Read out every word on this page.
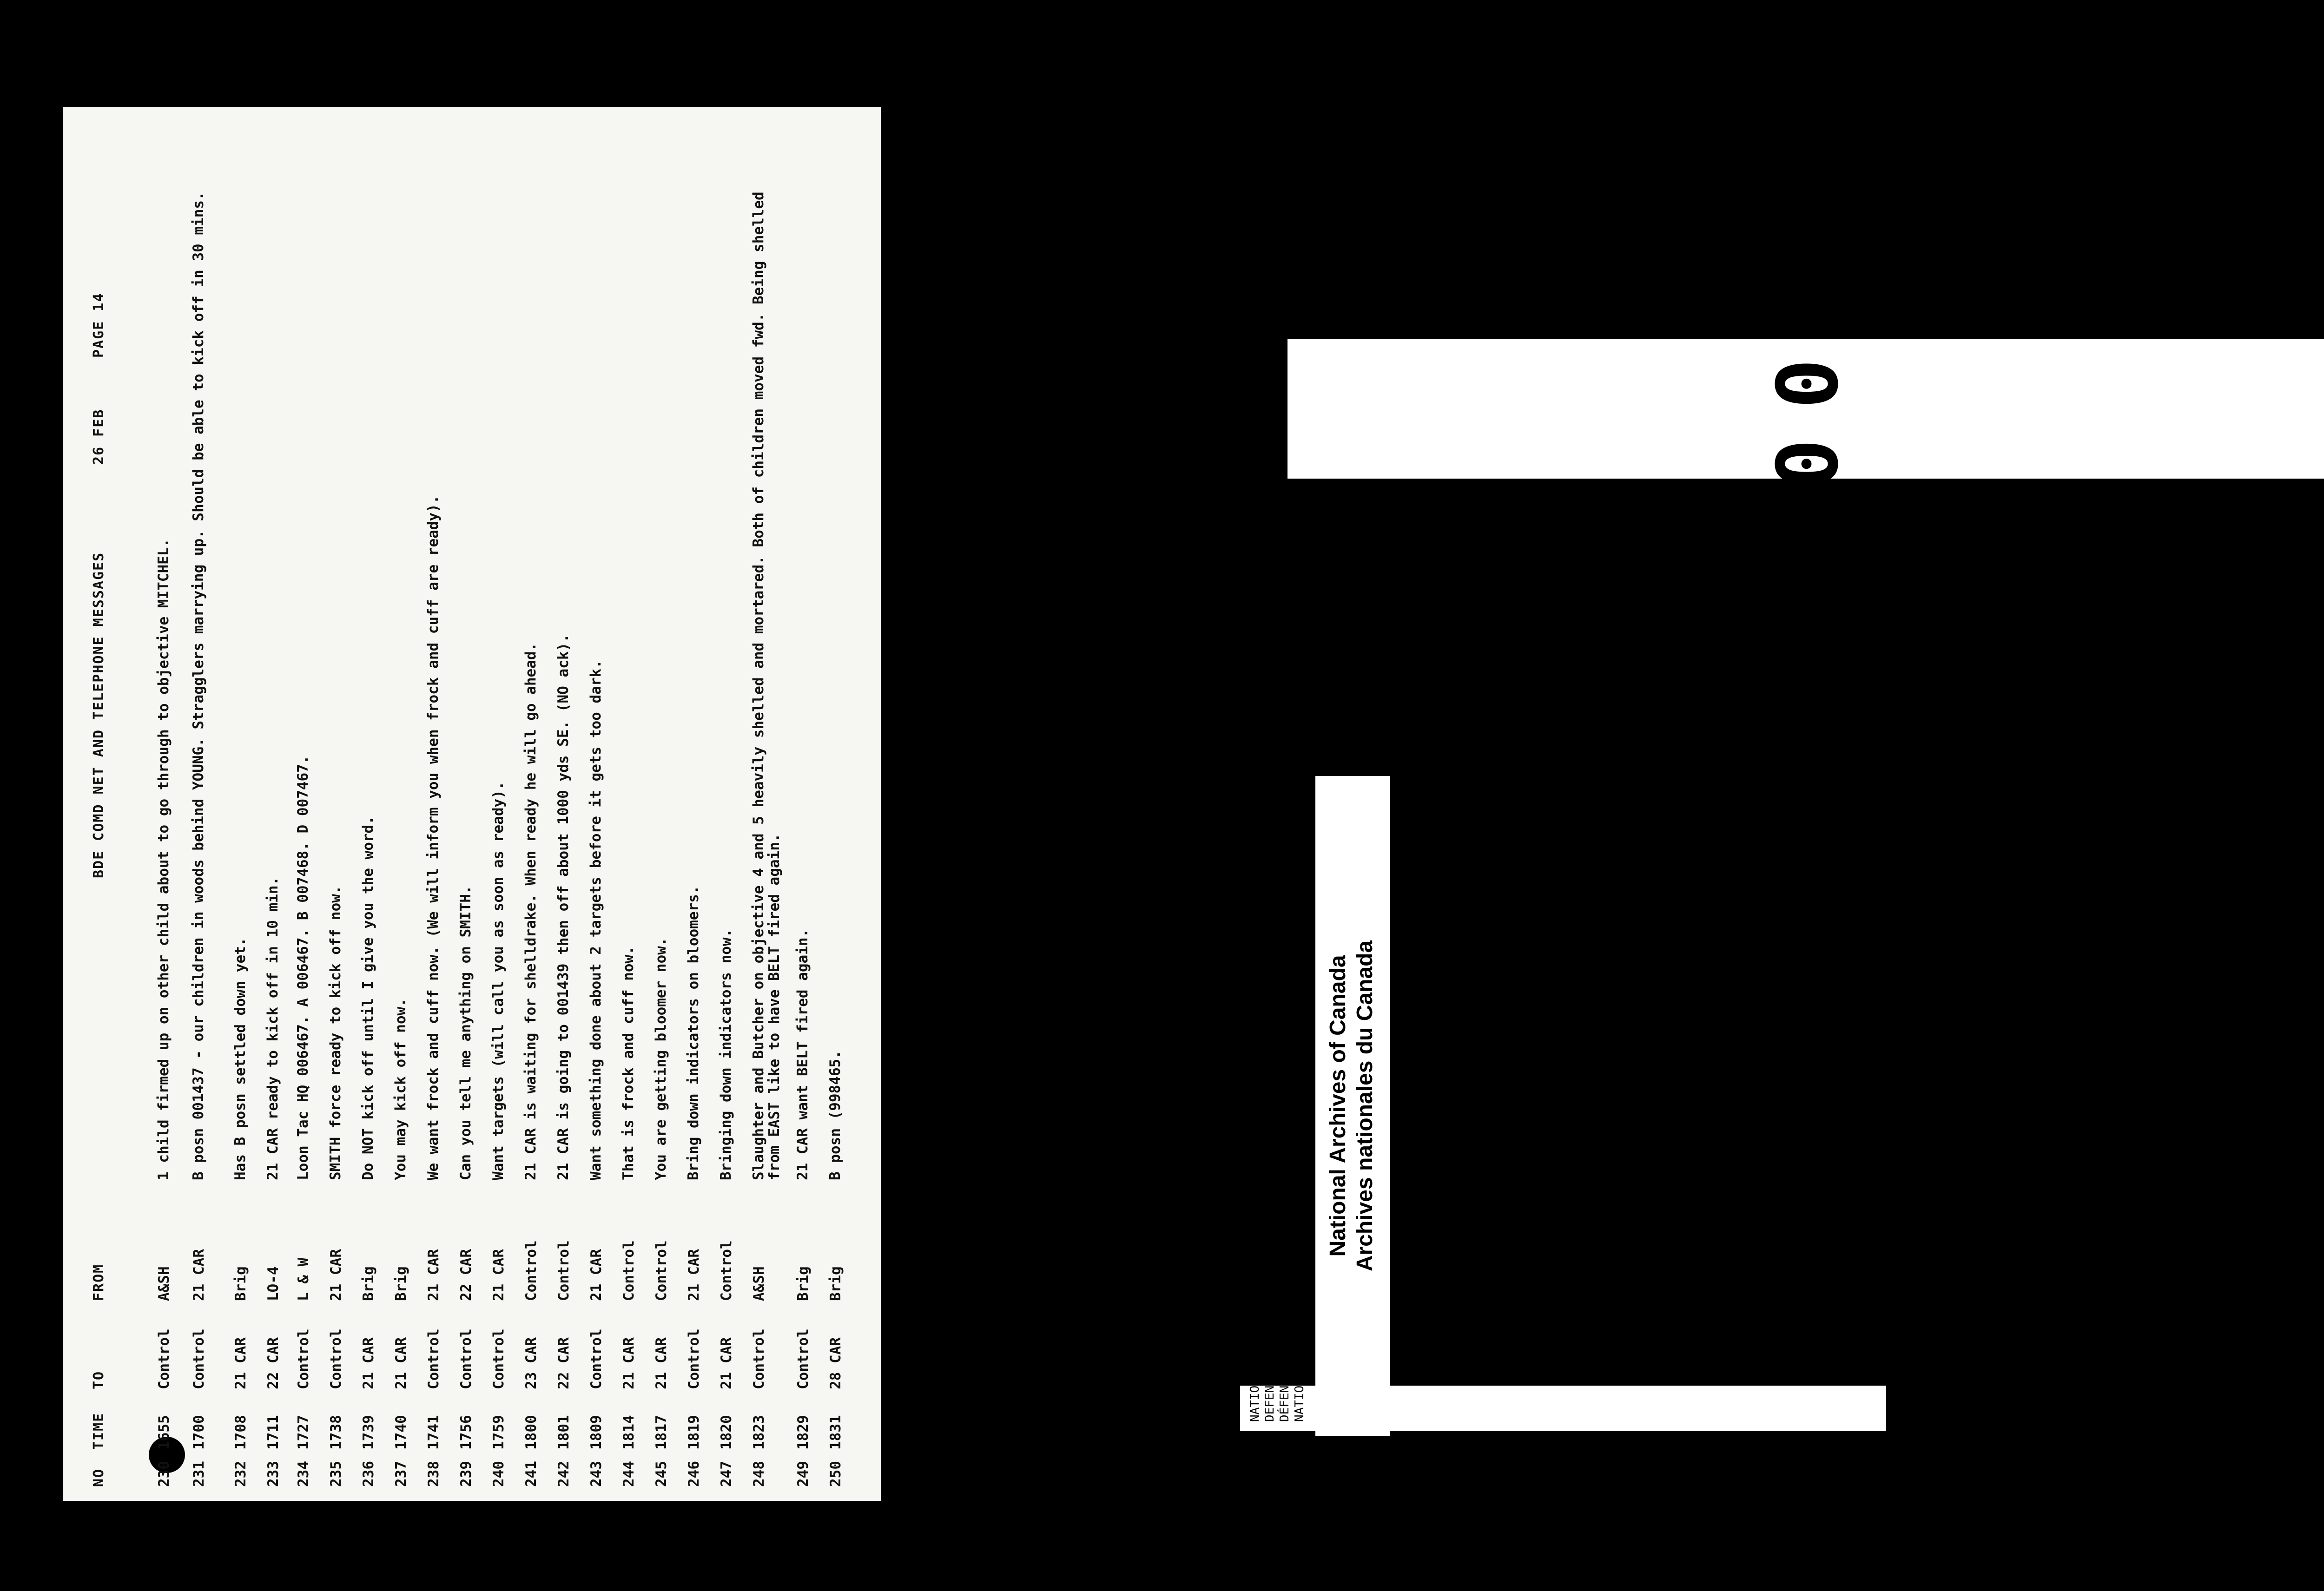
NO
TIME
TO
FROM
BDE COMD NET AND TELEPHONE MESSAGES
26 FEB
PAGE 14
230
1655
Control
A&SH
1 child firmed up on other child about to go through to objective MITCHEL.
231
1700
Control
21 CAR
B posn 001437 - our children in woods behind YOUNG. Stragglers marrying up. Should be able to kick off in 30 mins.
232
1708
21 CAR
Brig
Has B posn settled down yet.
233
1711
22 CAR
LO-4
21 CAR ready to kick off in 10 min.
234
1727
Control
L & W
Loon Tac HQ 006467. A 006467. B 007468. D 007467.
235
1738
Control
21 CAR
SMITH force ready to kick off now.
236
1739
21 CAR
Brig
Do NOT kick off until I give you the word.
237
1740
21 CAR
Brig
You may kick off now.
238
1741
Control
21 CAR
We want frock and cuff now. (We will inform you when frock and cuff are ready).
239
1756
Control
22 CAR
Can you tell me anything on SMITH.
240
1759
Control
21 CAR
Want targets (will call you as soon as ready).
241
1800
23 CAR
Control
21 CAR is waiting for shelldrake. When ready he will go ahead.
242
1801
22 CAR
Control
21 CAR is going to 001439 then off about 1000 yds SE. (NO ack).
243
1809
Control
21 CAR
Want something done about 2 targets before it gets too dark.
244
1814
21 CAR
Control
That is frock and cuff now.
245
1817
21 CAR
Control
You are getting bloomer now.
246
1819
Control
21 CAR
Bring down indicators on bloomers.
247
1820
21 CAR
Control
Bringing down indicators now.
248
1823
Control
A&SH
Slaughter and Butcher on objective 4 and 5 heavily shelled and mortared. Both of children moved fwd. Being shelled from EAST like to have BELT fired again.
249
1829
Control
Brig
21 CAR want BELT fired again.
250
1831
28 CAR
Brig
B posn (998465.
000041
NATIONAL DEFENCE DÉFENSE NATIONALE
RG 24, C-3, vol. 14053 File/dossier 950
National Archives of Canada Archives nationales du Canada
